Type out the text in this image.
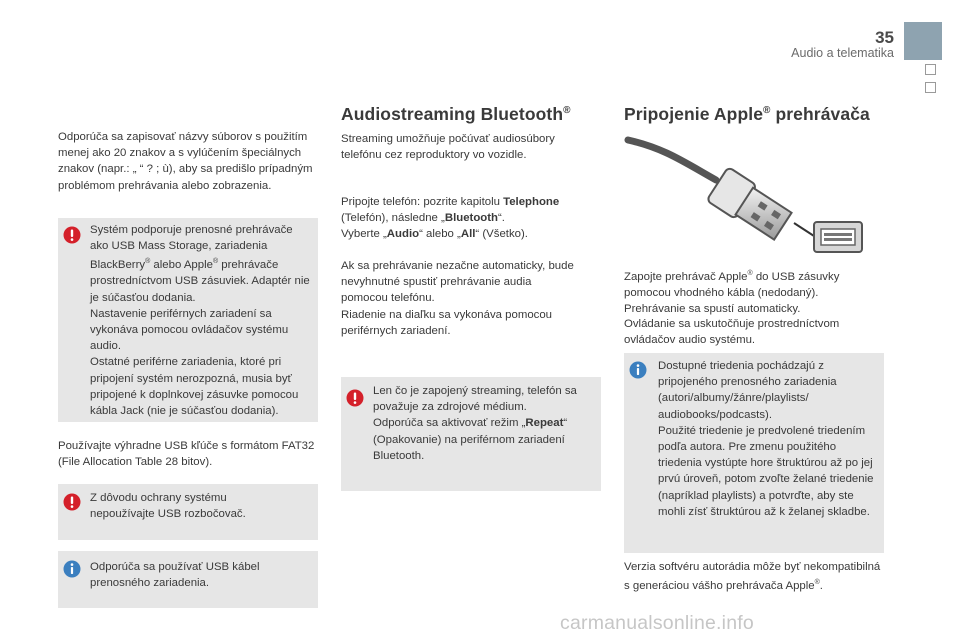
35
Audio a telematika

Odporúča sa zapisovať názvy súborov s použitím menej ako 20 znakov a s vylúčením špeciálnych znakov (napr.: „ “ ? ; ù), aby sa predišlo prípadným problémom prehrávania alebo zobrazenia.

Systém podporuje prenosné prehrávače ako USB Mass Storage, zariadenia BlackBerry® alebo Apple® prehrávače prostredníctvom USB zásuviek. Adaptér nie je súčasťou dodania.

Nastavenie periférnych zariadení sa vykonáva pomocou ovládačov systému audio.

Ostatné periférne zariadenia, ktoré pri pripojení systém nerozpozná, musia byť pripojené k doplnkovej zásuvke pomocou kábla Jack (nie je súčasťou dodania).

Používajte výhradne USB kľúče s formátom FAT32 (File Allocation Table 28 bitov).

Z dôvodu ochrany systému nepoužívajte USB rozbočovač.

Odporúča sa používať USB kábel prenosného zariadenia.

Audiostreaming Bluetooth®

Streaming umožňuje počúvať audiosúbory telefónu cez reproduktory vo vozidle.

Pripojte telefón: pozrite kapitolu Telephone
(Telefón), následne „Bluetooth“.
Vyberte „Audio“ alebo „All“ (Všetko).

Ak sa prehrávanie nezačne automaticky, bude nevyhnutné spustiť prehrávanie audia pomocou telefónu.

Riadenie na diaľku sa vykonáva pomocou periférnych zariadení.

Len čo je zapojený streaming, telefón sa považuje za zdrojové médium.

Odporúča sa aktivovať režim „Repeat“ (Opakovanie) na periférnom zariadení Bluetooth.

Pripojenie Apple® prehrávača

Zapojte prehrávač Apple® do USB zásuvky pomocou vhodného kábla (nedodaný).

Prehrávanie sa spustí automaticky.

Ovládanie sa uskutočňuje prostredníctvom ovládačov audio systému.

Dostupné triedenia pochádzajú z pripojeného prenosného zariadenia (autori/albumy/žánre/playlists/ audiobooks/podcasts).

Použité triedenie je predvolené triedením podľa autora. Pre zmenu použitého triedenia vystúpte hore štruktúrou až po jej prvú úroveň, potom zvoľte želané triedenie (napríklad playlists) a potvrďte, aby ste mohli zísť štruktúrou až k želanej skladbe.

Verzia softvéru autorádia môže byť nekompatibilná s generáciou vášho prehrávača Apple®.

carmanualsonline.info
